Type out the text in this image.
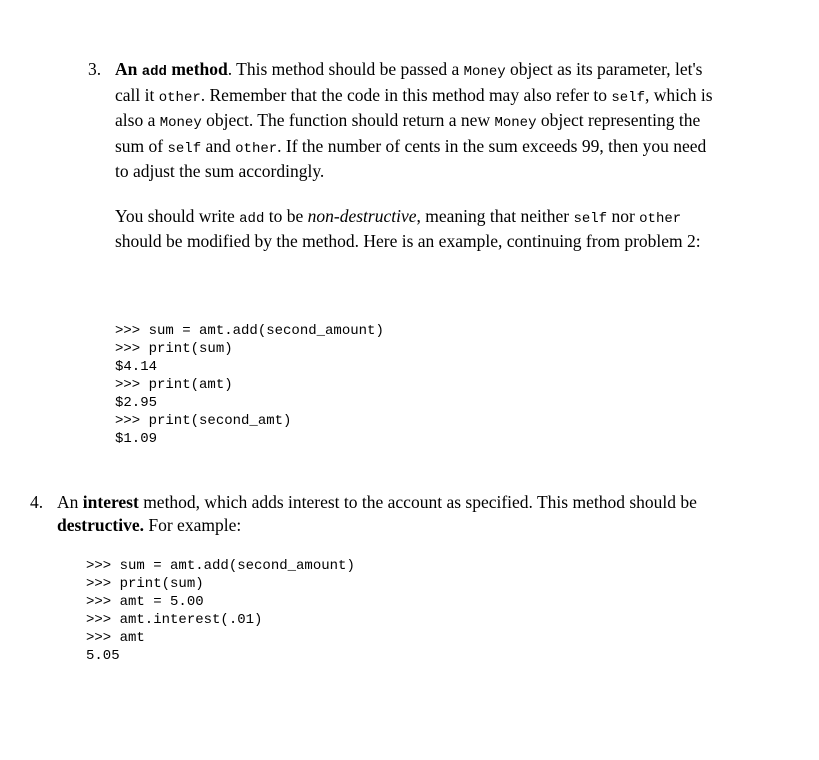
3. An add method. This method should be passed a Money object as its parameter, let's call it other. Remember that the code in this method may also refer to self, which is also a Money object. The function should return a new Money object representing the sum of self and other. If the number of cents in the sum exceeds 99, then you need to adjust the sum accordingly.
You should write add to be non-destructive, meaning that neither self nor other should be modified by the method. Here is an example, continuing from problem 2:
>>> sum = amt.add(second_amount)
>>> print(sum)
$4.14
>>> print(amt)
$2.95
>>> print(second_amt)
$1.09
4. An interest method, which adds interest to the account as specified. This method should be destructive. For example:
>>> sum = amt.add(second_amount)
>>> print(sum)
>>> amt = 5.00
>>> amt.interest(.01)
>>> amt
5.05
